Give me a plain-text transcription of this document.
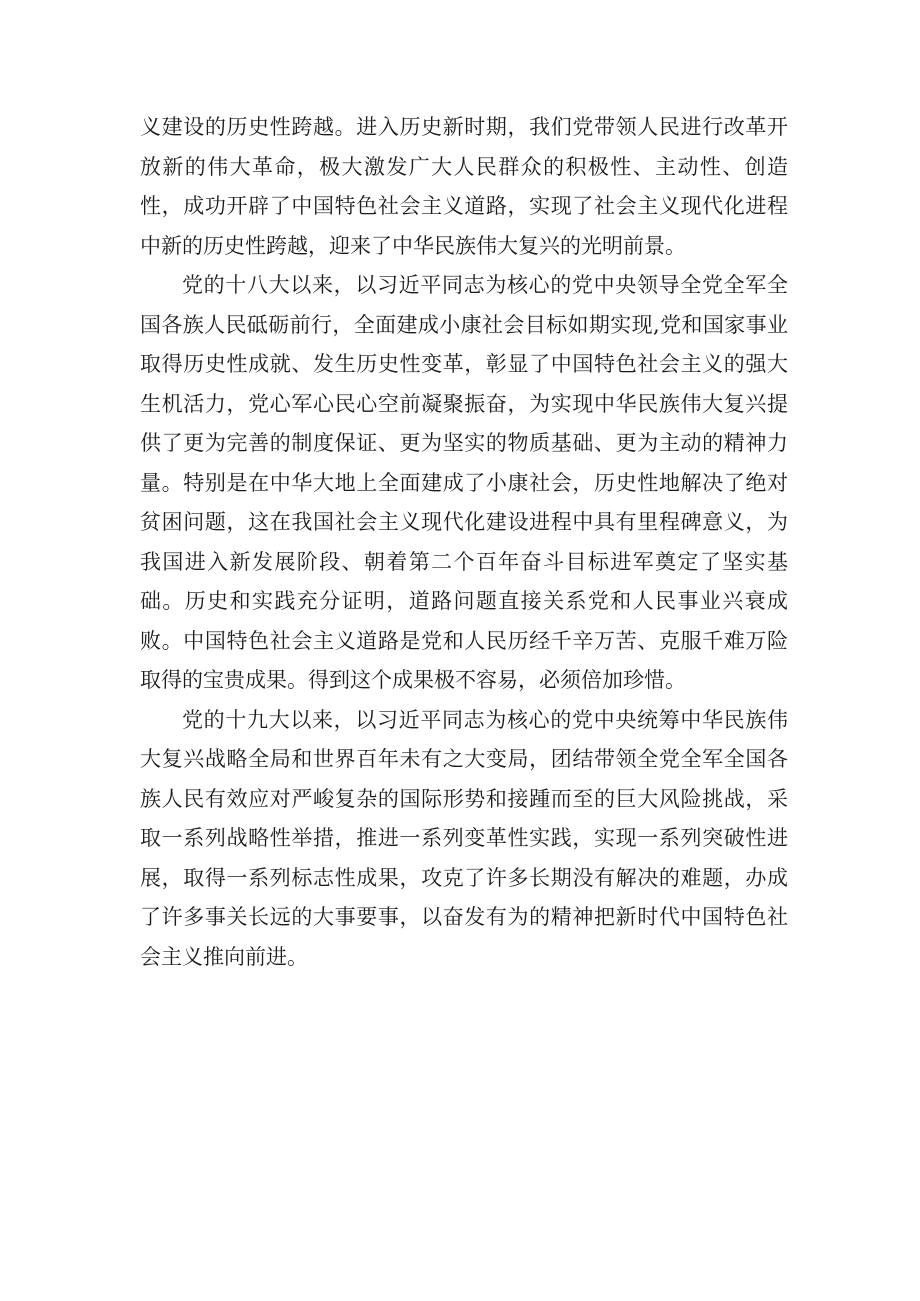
义建设的历史性跨越。进入历史新时期，我们党带领人民进行改革开放新的伟大革命，极大激发广大人民群众的积极性、主动性、创造性，成功开辟了中国特色社会主义道路，实现了社会主义现代化进程中新的历史性跨越，迎来了中华民族伟大复兴的光明前景。

党的十八大以来，以习近平同志为核心的党中央领导全党全军全国各族人民砥砺前行，全面建成小康社会目标如期实现,党和国家事业取得历史性成就、发生历史性变革，彰显了中国特色社会主义的强大生机活力，党心军心民心空前凝聚振奋，为实现中华民族伟大复兴提供了更为完善的制度保证、更为坚实的物质基础、更为主动的精神力量。特别是在中华大地上全面建成了小康社会，历史性地解决了绝对贫困问题，这在我国社会主义现代化建设进程中具有里程碑意义，为我国进入新发展阶段、朝着第二个百年奋斗目标进军奠定了坚实基础。历史和实践充分证明，道路问题直接关系党和人民事业兴衰成败。中国特色社会主义道路是党和人民历经千辛万苦、克服千难万险取得的宝贵成果。得到这个成果极不容易，必须倍加珍惜。

党的十九大以来，以习近平同志为核心的党中央统筹中华民族伟大复兴战略全局和世界百年未有之大变局，团结带领全党全军全国各族人民有效应对严峻复杂的国际形势和接踵而至的巨大风险挑战，采取一系列战略性举措，推进一系列变革性实践，实现一系列突破性进展，取得一系列标志性成果，攻克了许多长期没有解决的难题，办成了许多事关长远的大事要事，以奋发有为的精神把新时代中国特色社会主义推向前进。
